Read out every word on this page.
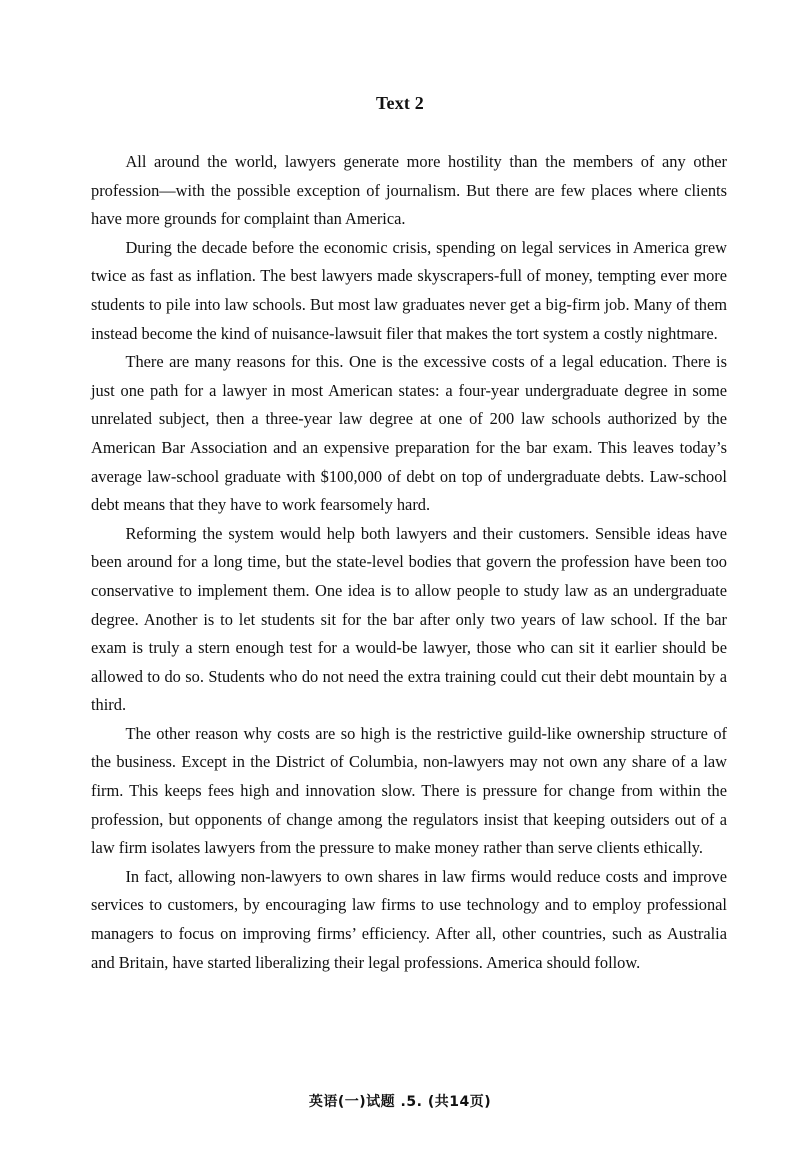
Text 2

All around the world, lawyers generate more hostility than the members of any other profession—with the possible exception of journalism. But there are few places where clients have more grounds for complaint than America.

During the decade before the economic crisis, spending on legal services in America grew twice as fast as inflation. The best lawyers made skyscrapers-full of money, tempting ever more students to pile into law schools. But most law graduates never get a big-firm job. Many of them instead become the kind of nuisance-lawsuit filer that makes the tort system a costly nightmare.

There are many reasons for this. One is the excessive costs of a legal education. There is just one path for a lawyer in most American states: a four-year undergraduate degree in some unrelated subject, then a three-year law degree at one of 200 law schools authorized by the American Bar Association and an expensive preparation for the bar exam. This leaves today’s average law-school graduate with $100,000 of debt on top of undergraduate debts. Law-school debt means that they have to work fearsomely hard.

Reforming the system would help both lawyers and their customers. Sensible ideas have been around for a long time, but the state-level bodies that govern the profession have been too conservative to implement them. One idea is to allow people to study law as an undergraduate degree. Another is to let students sit for the bar after only two years of law school. If the bar exam is truly a stern enough test for a would-be lawyer, those who can sit it earlier should be allowed to do so. Students who do not need the extra training could cut their debt mountain by a third.

The other reason why costs are so high is the restrictive guild-like ownership structure of the business. Except in the District of Columbia, non-lawyers may not own any share of a law firm. This keeps fees high and innovation slow. There is pressure for change from within the profession, but opponents of change among the regulators insist that keeping outsiders out of a law firm isolates lawyers from the pressure to make money rather than serve clients ethically.

In fact, allowing non-lawyers to own shares in law firms would reduce costs and improve services to customers, by encouraging law firms to use technology and to employ professional managers to focus on improving firms’ efficiency. After all, other countries, such as Australia and Britain, have started liberalizing their legal professions. America should follow.

英语(一)试题 .5. (共14页)
